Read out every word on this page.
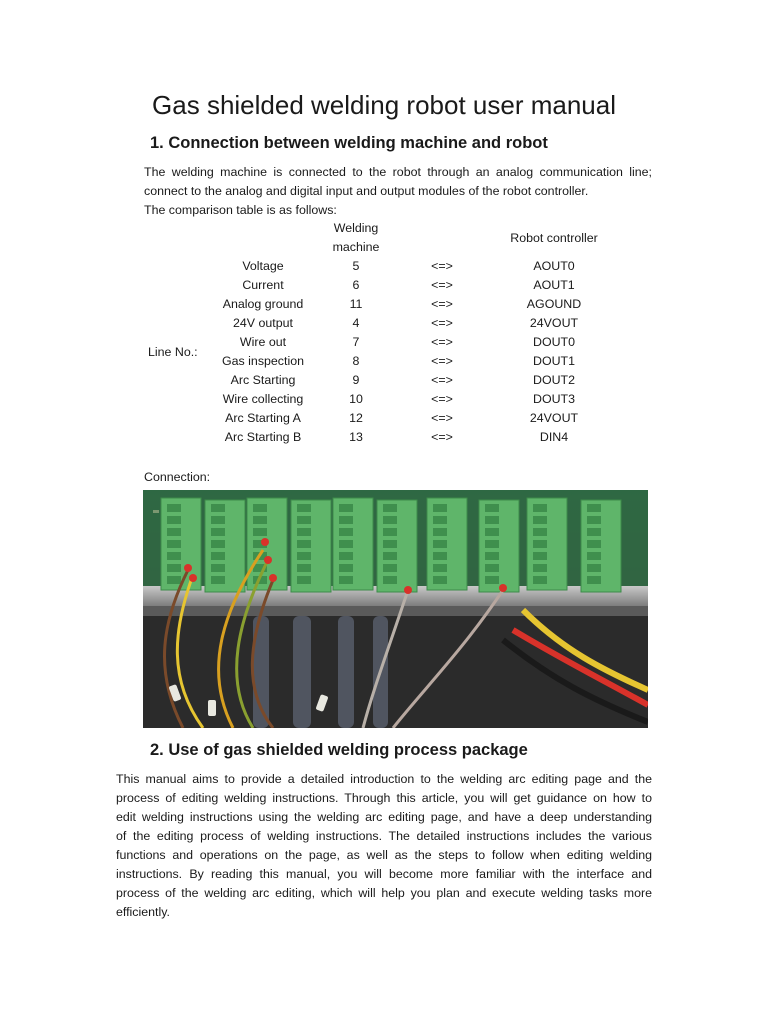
Gas shielded welding robot user manual
1. Connection between welding machine and robot
The welding machine is connected to the robot through an analog communication line;
connect to the analog and digital input and output modules of the robot controller.
The comparison table is as follows:
Welding
machine
Robot controller
Line No.:
Voltage	5	<=>	AOUT0
Current	6	<=>	AOUT1
Analog ground	11	<=>	AGOUND
24V output	4	<=>	24VOUT
Wire out	7	<=>	DOUT0
Gas inspection	8	<=>	DOUT1
Arc Starting	9	<=>	DOUT2
Wire collecting	10	<=>	DOUT3
Arc Starting A	12	<=>	24VOUT
Arc Starting B	13	<=>	DIN4
Connection:
2. Use of gas shielded welding process package
This manual aims to provide a detailed introduction to the welding arc editing page and the
process of editing welding instructions. Through this article, you will get guidance on how to
edit welding instructions using the welding arc editing page, and have a deep understanding
of the editing process of welding instructions. The detailed instructions includes the various
functions and operations on the page, as well as the steps to follow when editing welding
instructions. By reading this manual, you will become more familiar with the interface and
process of the welding arc editing, which will help you plan and execute welding tasks more
efficiently.
